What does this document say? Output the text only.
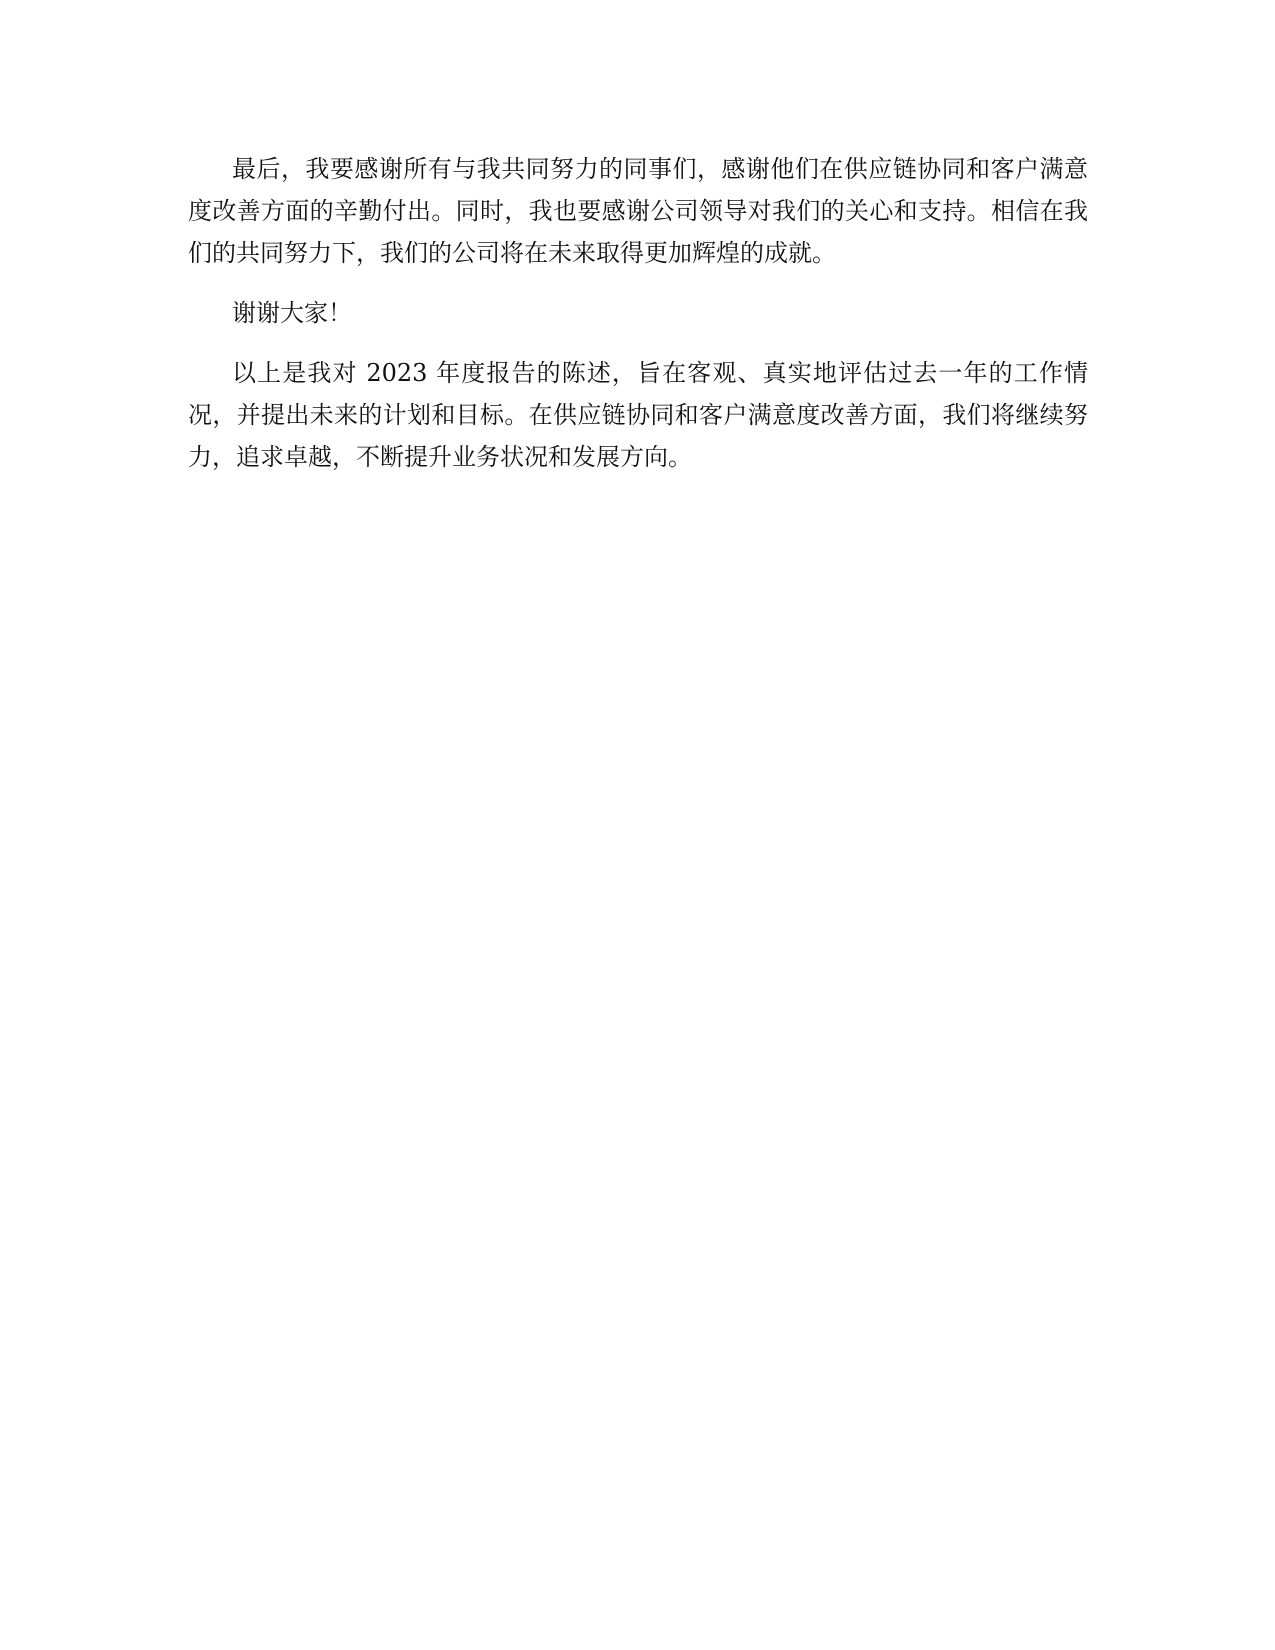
最后，我要感谢所有与我共同努力的同事们，感谢他们在供应链协同和客户满意度改善方面的辛勤付出。同时，我也要感谢公司领导对我们的关心和支持。相信在我们的共同努力下，我们的公司将在未来取得更加辉煌的成就。

谢谢大家！

以上是我对 2023 年度报告的陈述，旨在客观、真实地评估过去一年的工作情况，并提出未来的计划和目标。在供应链协同和客户满意度改善方面，我们将继续努力，追求卓越，不断提升业务状况和发展方向。
